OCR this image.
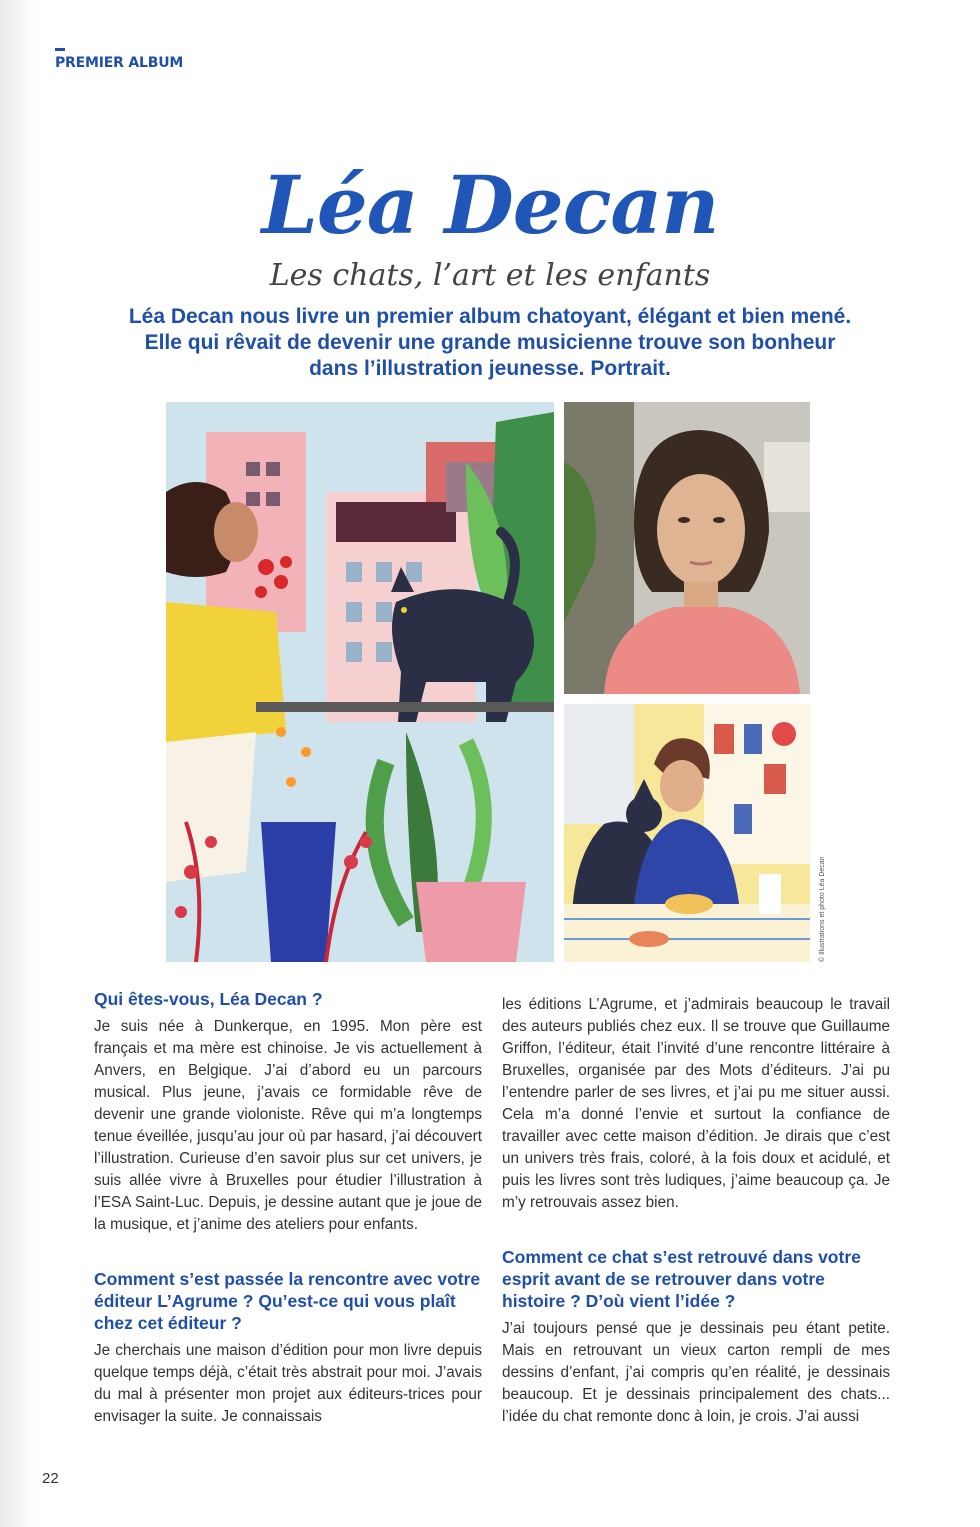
PREMIER ALBUM
Léa Decan
Les chats, l’art et les enfants
Léa Decan nous livre un premier album chatoyant, élégant et bien mené.
Elle qui rêvait de devenir une grande musicienne trouve son bonheur
dans l’illustration jeunesse. Portrait.
© Illustrations et photo Léa Decan
Qui êtes-vous, Léa Decan ?

Je suis née à Dunkerque, en 1995. Mon père est français et ma mère est chinoise. Je vis actuellement à Anvers, en Belgique. J’ai d’abord eu un parcours musical. Plus jeune, j’avais ce formidable rêve de devenir une grande violoniste. Rêve qui m’a longtemps tenue éveillée, jusqu’au jour où par hasard, j’ai découvert l’illustration. Curieuse d’en savoir plus sur cet univers, je suis allée vivre à Bruxelles pour étudier l’illustration à l’ESA Saint-Luc. Depuis, je dessine autant que je joue de la musique, et j’anime des ateliers pour enfants.

Comment s’est passée la rencontre avec votre éditeur L’Agrume ? Qu’est-ce qui vous plaît chez cet éditeur ?

Je cherchais une maison d’édition pour mon livre depuis quelque temps déjà, c’était très abstrait pour moi. J’avais du mal à présenter mon projet aux éditeurs-trices pour envisager la suite. Je connaissais

les éditions L’Agrume, et j’admirais beaucoup le travail des auteurs publiés chez eux. Il se trouve que Guillaume Griffon, l’éditeur, était l’invité d’une rencontre littéraire à Bruxelles, organisée par des Mots d’éditeurs. J’ai pu l’entendre parler de ses livres, et j’ai pu me situer aussi. Cela m’a donné l’envie et surtout la confiance de travailler avec cette maison d’édition. Je dirais que c’est un univers très frais, coloré, à la fois doux et acidulé, et puis les livres sont très ludiques, j’aime beaucoup ça. Je m’y retrouvais assez bien.

Comment ce chat s’est retrouvé dans votre esprit avant de se retrouver dans votre histoire ? D’où vient l’idée ?

J’ai toujours pensé que je dessinais peu étant petite. Mais en retrouvant un vieux carton rempli de mes dessins d’enfant, j’ai compris qu’en réalité, je dessinais beaucoup. Et je dessinais principalement des chats... l’idée du chat remonte donc à loin, je crois. J’ai aussi

22
